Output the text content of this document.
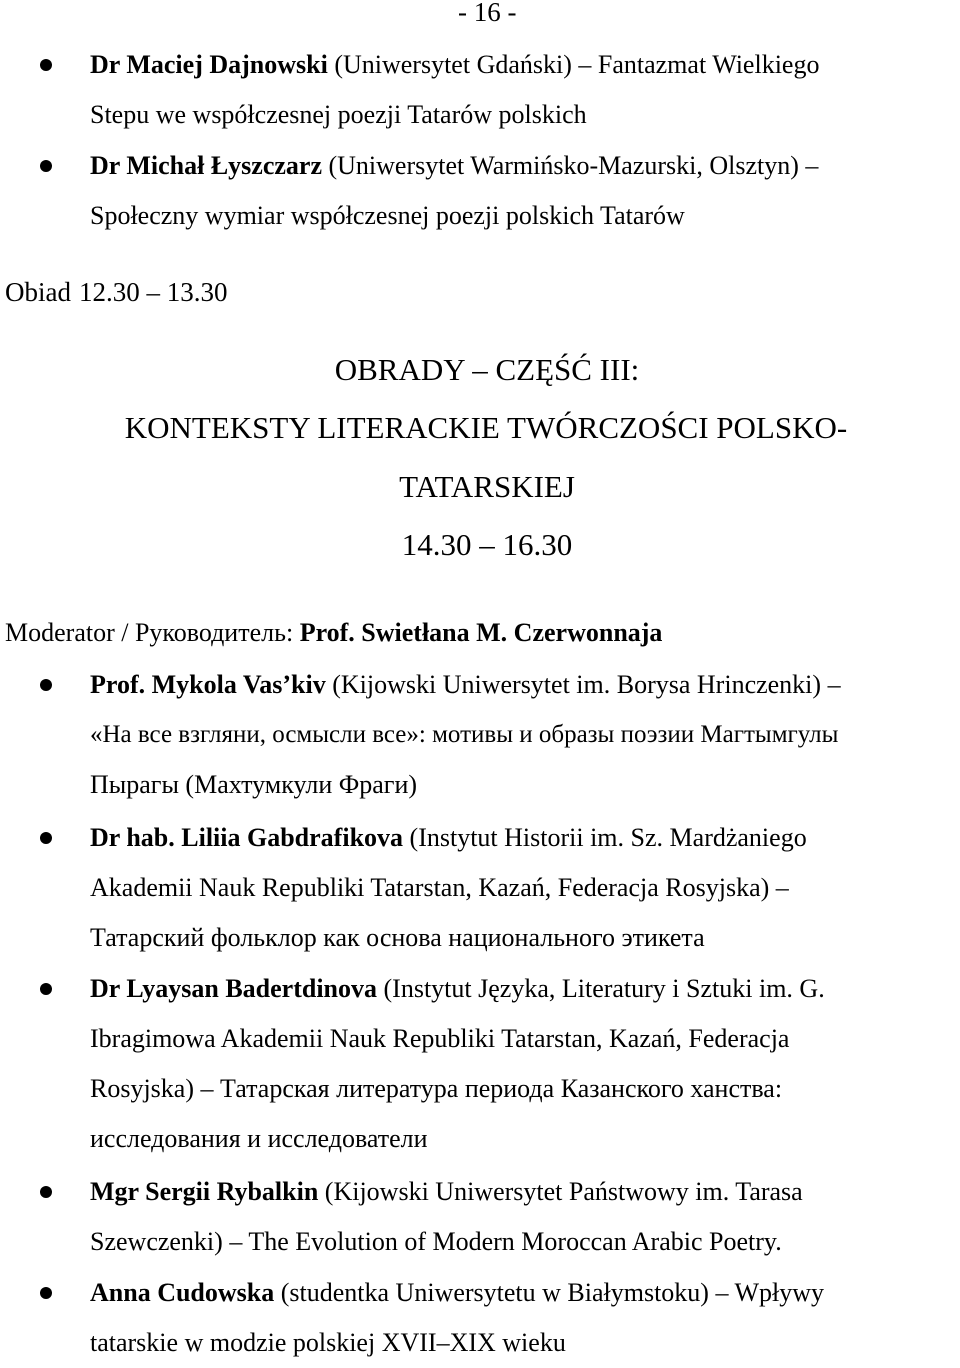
- 16 -
Dr Maciej Dajnowski (Uniwersytet Gdański) – Fantazmat Wielkiego
Stepu we współczesnej poezji Tatarów polskich
Dr Michał Łyszczarz (Uniwersytet Warmińsko-Mazurski, Olsztyn) –
Społeczny wymiar współczesnej poezji polskich Tatarów
Obiad 12.30 – 13.30
OBRADY – CZĘŚĆ III:
KONTEKSTY LITERACKIE TWÓRCZOŚCI POLSKO-
TATARSKIEJ
14.30 – 16.30
Moderator / Руководитель: Prof. Swietłana M. Czerwonnaja
Prof. Mykola Vas’kiv (Kijowski Uniwersytet im. Borysa Hrinczenki) –
«На все взгляни, осмысли все»: мотивы и образы поэзии Магтымгулы
Пырагы (Махтумкули Фраги)
Dr hab. Liliia Gabdrafikova (Instytut Historii im. Sz. Mardżaniego
Akademii Nauk Republiki Tatarstan, Kazań, Federacja Rosyjska) –
Татарский фольклор как основа национального этикета
Dr Lyaysan Badertdinova (Instytut Języka, Literatury i Sztuki im. G.
Ibragimowa Akademii Nauk Republiki Tatarstan, Kazań, Federacja
Rosyjska) – Татарская литература периода Казанского ханства:
исследования и исследователи
Mgr Sergii Rybalkin (Kijowski Uniwersytet Państwowy im. Tarasa
Szewczenki) – The Evolution of Modern Moroccan Arabic Poetry.
Anna Cudowska (studentka Uniwersytetu w Białymstoku) – Wpływy
tatarskie w modzie polskiej XVII–XIX wieku
